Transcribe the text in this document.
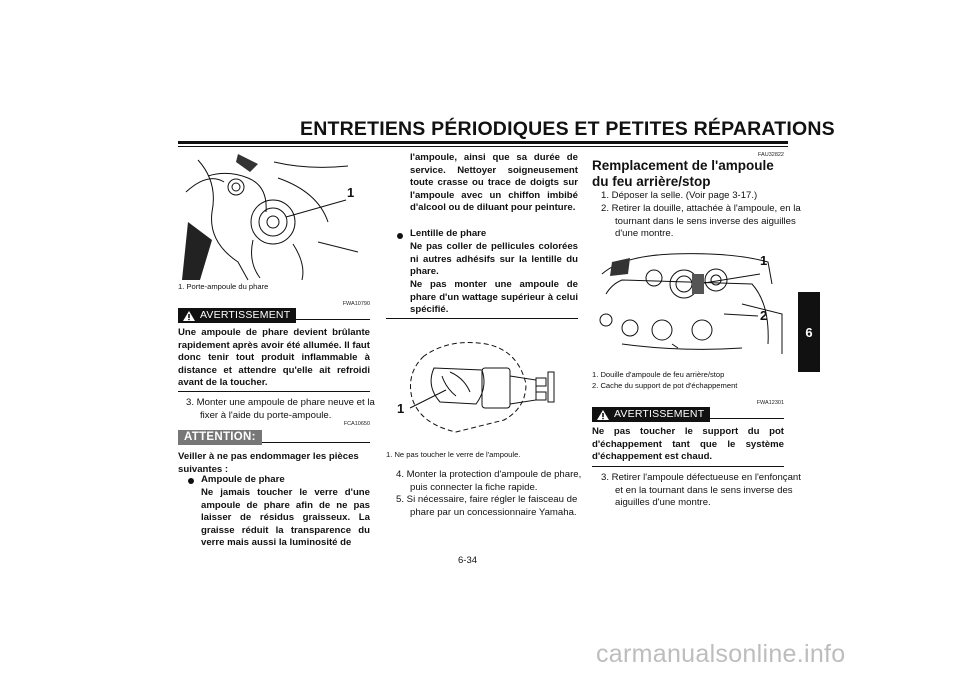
ENTRETIENS PÉRIODIQUES ET PETITES RÉPARATIONS
6
1
1. Porte-ampoule du phare
FWA10790
AVERTISSEMENT
Une ampoule de phare devient brûlante rapidement après avoir été allumée. Il faut donc tenir tout produit inflammable à distance et attendre qu'elle ait refroidi avant de la toucher.
3. Monter une ampoule de phare neuve et la fixer à l'aide du porte-ampoule.
FCA10650
ATTENTION:
Veiller à ne pas endommager les pièces suivantes :
Ampoule de phare
Ne jamais toucher le verre d'une ampoule de phare afin de ne pas laisser de résidus graisseux. La graisse réduit la transparence du verre mais aussi la luminosité de
l'ampoule, ainsi que sa durée de service. Nettoyer soigneusement toute crasse ou trace de doigts sur l'ampoule avec un chiffon imbibé d'alcool ou de diluant pour peinture.
Lentille de phare
Ne pas coller de pellicules colorées ni autres adhésifs sur la lentille du phare.
Ne pas monter une ampoule de phare d'un wattage supérieur à celui spécifié.
1
1. Ne pas toucher le verre de l'ampoule.
4. Monter la protection d'ampoule de phare, puis connecter la fiche rapide.
5. Si nécessaire, faire régler le faisceau de phare par un concessionnaire Yamaha.
FAU32822
Remplacement de l'ampoule du feu arrière/stop
1. Déposer la selle. (Voir page 3-17.)
2. Retirer la douille, attachée à l'ampoule, en la tournant dans le sens inverse des aiguilles d'une montre.
1
2
1. Douille d'ampoule de feu arrière/stop
2. Cache du support de pot d'échappement
FWA12301
AVERTISSEMENT
Ne pas toucher le support du pot d'échappement tant que le système d'échappement est chaud.
3. Retirer l'ampoule défectueuse en l'enfonçant et en la tournant dans le sens inverse des aiguilles d'une montre.
6-34
carmanualsonline.info
